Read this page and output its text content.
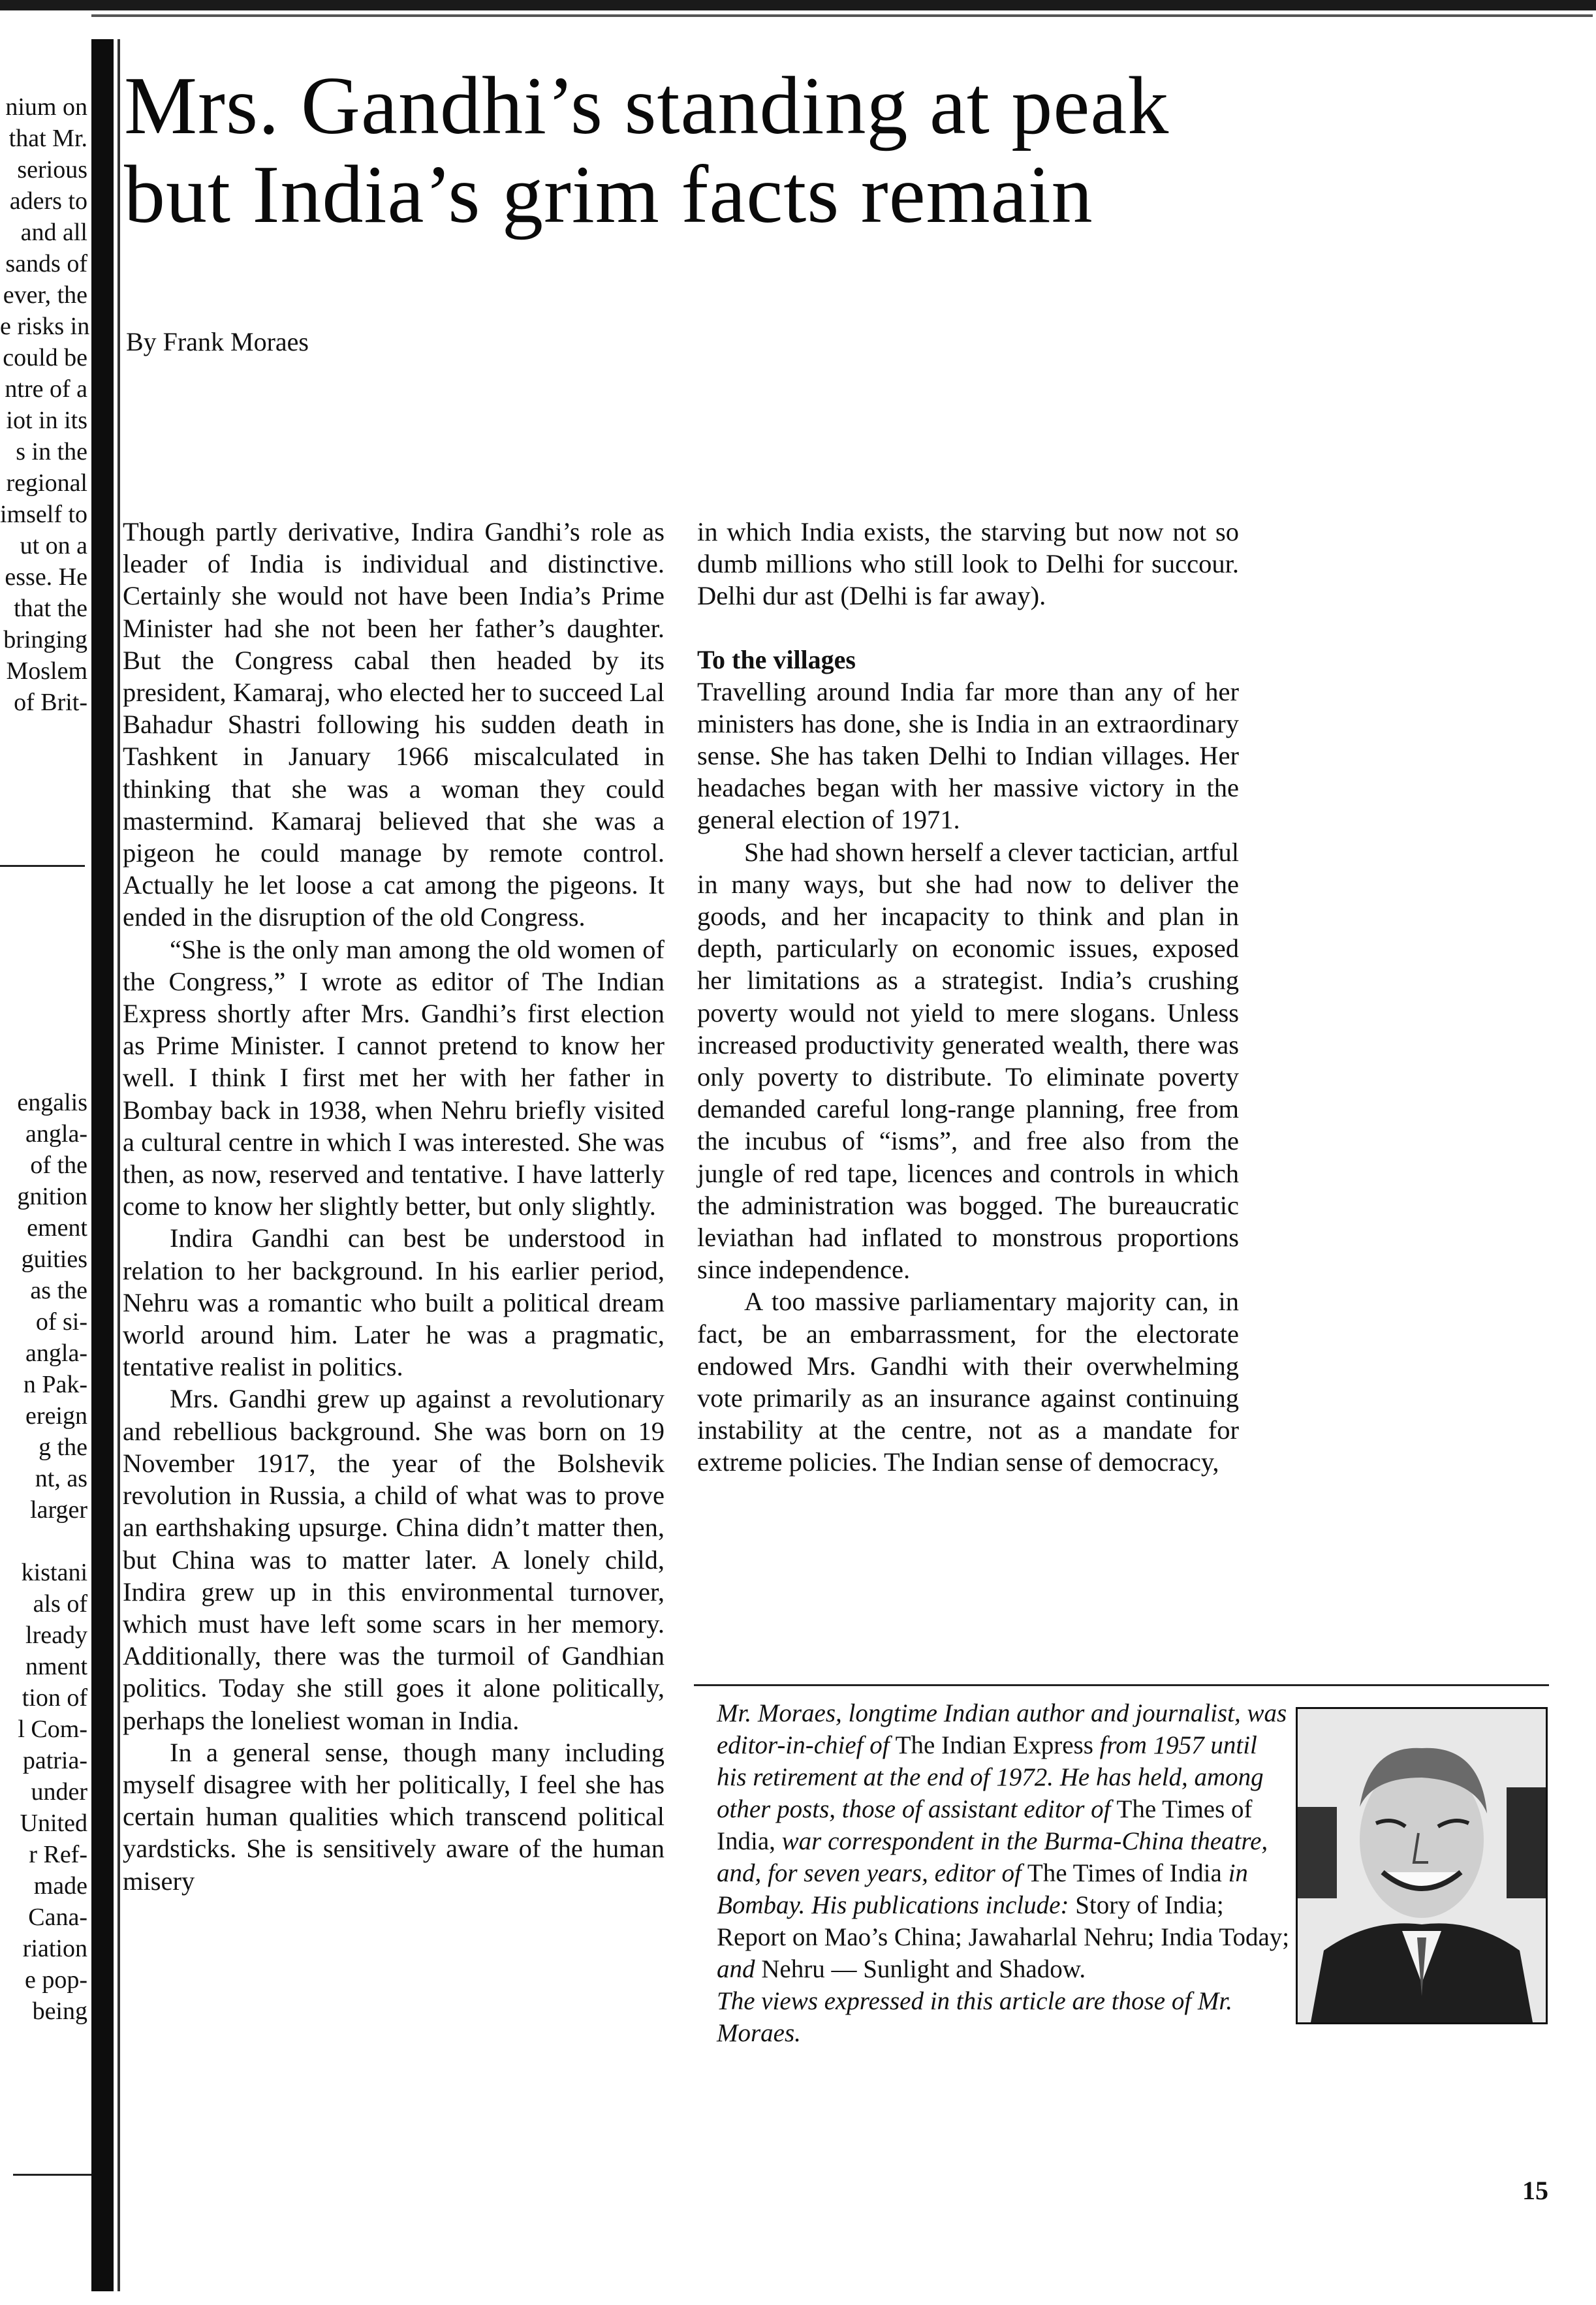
nium on
that Mr.
serious
aders to
and all
sands of
ever, the
e risks in
could be
ntre of a
iot in its
s in the
regional
imself to
ut on a
esse. He
that the
bringing
Moslem
of Brit-
engalis
angla-
of the
gnition
ement
guities
as the
of si-
angla-
n Pak-
ereign
g the
nt, as
larger

kistani
als of
lready
nment
tion of
l Com-
patria-
under
United
r Ref-
made
Cana-
riation
e pop-
being
Mrs. Gandhi’s standing at peak
but India’s grim facts remain
By Frank Moraes

Though partly derivative, Indira Gandhi’s role as leader of India is individual and distinctive. Certainly she would not have been India’s Prime Minister had she not been her father’s daughter. But the Congress cabal then headed by its president, Kamaraj, who elected her to succeed Lal Bahadur Shastri following his sudden death in Tashkent in January 1966 miscalculated in thinking that she was a woman they could mastermind. Kamaraj believed that she was a pigeon he could manage by remote control. Actually he let loose a cat among the pigeons. It ended in the disruption of the old Congress.

“She is the only man among the old women of the Congress,” I wrote as editor of The Indian Express shortly after Mrs. Gandhi’s first election as Prime Minister. I cannot pretend to know her well. I think I first met her with her father in Bombay back in 1938, when Nehru briefly visited a cultural centre in which I was interested. She was then, as now, reserved and tentative. I have latterly come to know her slightly better, but only slightly.

Indira Gandhi can best be understood in relation to her background. In his earlier period, Nehru was a romantic who built a political dream world around him. Later he was a pragmatic, tentative realist in politics.

Mrs. Gandhi grew up against a revolutionary and rebellious background. She was born on 19 November 1917, the year of the Bolshevik revolution in Russia, a child of what was to prove an earthshaking upsurge. China didn’t matter then, but China was to matter later. A lonely child, Indira grew up in this environmental turnover, which must have left some scars in her memory. Additionally, there was the turmoil of Gandhian politics. Today she still goes it alone politically, perhaps the loneliest woman in India.

In a general sense, though many including myself disagree with her politically, I feel she has certain human qualities which transcend political yardsticks. She is sensitively aware of the human misery

in which India exists, the starving but now not so dumb millions who still look to Delhi for succour. Delhi dur ast (Delhi is far away).

To the villages

Travelling around India far more than any of her ministers has done, she is India in an extraordinary sense. She has taken Delhi to Indian villages. Her headaches began with her massive victory in the general election of 1971.

She had shown herself a clever tactician, artful in many ways, but she had now to deliver the goods, and her incapacity to think and plan in depth, particularly on economic issues, exposed her limitations as a strategist. India’s crushing poverty would not yield to mere slogans. Unless increased productivity generated wealth, there was only poverty to distribute. To eliminate poverty demanded careful long-range planning, free from the incubus of “isms”, and free also from the jungle of red tape, licences and controls in which the administration was bogged. The bureaucratic leviathan had inflated to monstrous proportions since independence.

A too massive parliamentary majority can, in fact, be an embarrassment, for the electorate endowed Mrs. Gandhi with their overwhelming vote primarily as an insurance against continuing instability at the centre, not as a mandate for extreme policies. The Indian sense of democracy,

Mr. Moraes, longtime Indian author and journalist, was editor-in-chief of The Indian Express from 1957 until his retirement at the end of 1972. He has held, among other posts, those of assistant editor of The Times of India, war correspondent in the Burma-China theatre, and, for seven years, editor of The Times of India in Bombay. His publications include: Story of India; Report on Mao’s China; Jawaharlal Nehru; India Today; and Nehru — Sunlight and Shadow.
The views expressed in this article are those of Mr. Moraes.
15
